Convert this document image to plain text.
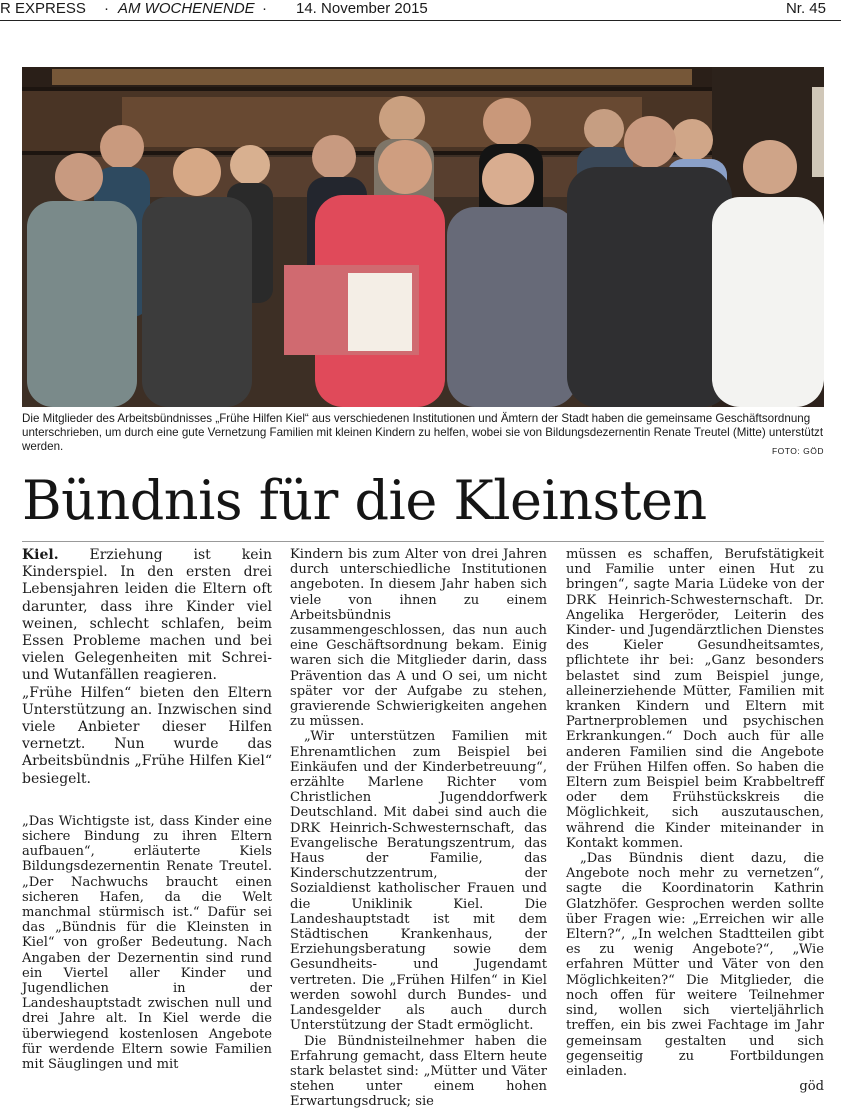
R EXPRESS · AM WOCHENENDE · 14. November 2015	Nr. 45
Die Mitglieder des Arbeitsbündnisses „Frühe Hilfen Kiel“ aus verschiedenen Institutionen und Ämtern der Stadt haben die gemeinsame Geschäftsordnung unterschrieben, um durch eine gute Vernetzung Familien mit kleinen Kindern zu helfen, wobei sie von Bildungsdezernentin Renate Treutel (Mitte) unterstützt werden.	FOTO: GÖD
Bündnis für die Kleinsten

Kiel. Erziehung ist kein Kinderspiel. In den ersten drei Lebensjahren leiden die Eltern oft darunter, dass ihre Kinder viel weinen, schlecht schlafen, beim Essen Probleme machen und bei vielen Gelegenheiten mit Schrei- und Wutanfällen reagieren.

„Frühe Hilfen“ bieten den Eltern Unterstützung an. Inzwischen sind viele Anbieter dieser Hilfen vernetzt. Nun wurde das Arbeitsbündnis „Frühe Hilfen Kiel“ besiegelt.

„Das Wichtigste ist, dass Kinder eine sichere Bindung zu ihren Eltern aufbauen“, erläuterte Kiels Bildungsdezernentin Renate Treutel. „Der Nachwuchs braucht einen sicheren Hafen, da die Welt manchmal stürmisch ist.“ Dafür sei das „Bündnis für die Kleinsten in Kiel“ von großer Bedeutung. Nach Angaben der Dezernentin sind rund ein Viertel aller Kinder und Jugendlichen in der Landeshauptstadt zwischen null und drei Jahre alt. In Kiel werde die überwiegend kostenlosen Angebote für werdende Eltern sowie Familien mit Säuglingen und mit

Kindern bis zum Alter von drei Jahren durch unterschiedliche Institutionen angeboten. In diesem Jahr haben sich viele von ihnen zu einem Arbeitsbündnis zusammengeschlossen, das nun auch eine Geschäftsordnung bekam. Einig waren sich die Mitglieder darin, dass Prävention das A und O sei, um nicht später vor der Aufgabe zu stehen, gravierende Schwierigkeiten angehen zu müssen.

„Wir unterstützen Familien mit Ehrenamtlichen zum Beispiel bei Einkäufen und der Kinderbetreuung“, erzählte Marlene Richter vom Christlichen Jugenddorfwerk Deutschland. Mit dabei sind auch die DRK Heinrich-Schwesternschaft, das Evangelische Beratungszentrum, das Haus der Familie, das Kinderschutzzentrum, der Sozialdienst katholischer Frauen und die Uniklinik Kiel. Die Landeshauptstadt ist mit dem Städtischen Krankenhaus, der Erziehungsberatung sowie dem Gesundheits- und Jugendamt vertreten. Die „Frühen Hilfen“ in Kiel werden sowohl durch Bundes- und Landesgelder als auch durch Unterstützung der Stadt ermöglicht.

Die Bündnisteilnehmer haben die Erfahrung gemacht, dass Eltern heute stark belastet sind: „Mütter und Väter stehen unter einem hohen Erwartungsdruck; sie

müssen es schaffen, Berufstätigkeit und Familie unter einen Hut zu bringen“, sagte Maria Lüdeke von der DRK Heinrich-Schwesternschaft. Dr. Angelika Hergeröder, Leiterin des Kinder- und Jugendärztlichen Dienstes des Kieler Gesundheitsamtes, pflichtete ihr bei: „Ganz besonders belastet sind zum Beispiel junge, alleinerziehende Mütter, Familien mit kranken Kindern und Eltern mit Partnerproblemen und psychischen Erkrankungen.“ Doch auch für alle anderen Familien sind die Angebote der Frühen Hilfen offen. So haben die Eltern zum Beispiel beim Krabbeltreff oder dem Frühstückskreis die Möglichkeit, sich auszutauschen, während die Kinder miteinander in Kontakt kommen.

„Das Bündnis dient dazu, die Angebote noch mehr zu vernetzen“, sagte die Koordinatorin Kathrin Glatzhöfer. Gesprochen werden sollte über Fragen wie: „Erreichen wir alle Eltern?“, „In welchen Stadtteilen gibt es zu wenig Angebote?“, „Wie erfahren Mütter und Väter von den Möglichkeiten?“ Die Mitglieder, die noch offen für weitere Teilnehmer sind, wollen sich vierteljährlich treffen, ein bis zwei Fachtage im Jahr gemeinsam gestalten und sich gegenseitig zu Fortbildungen einladen.

göd
